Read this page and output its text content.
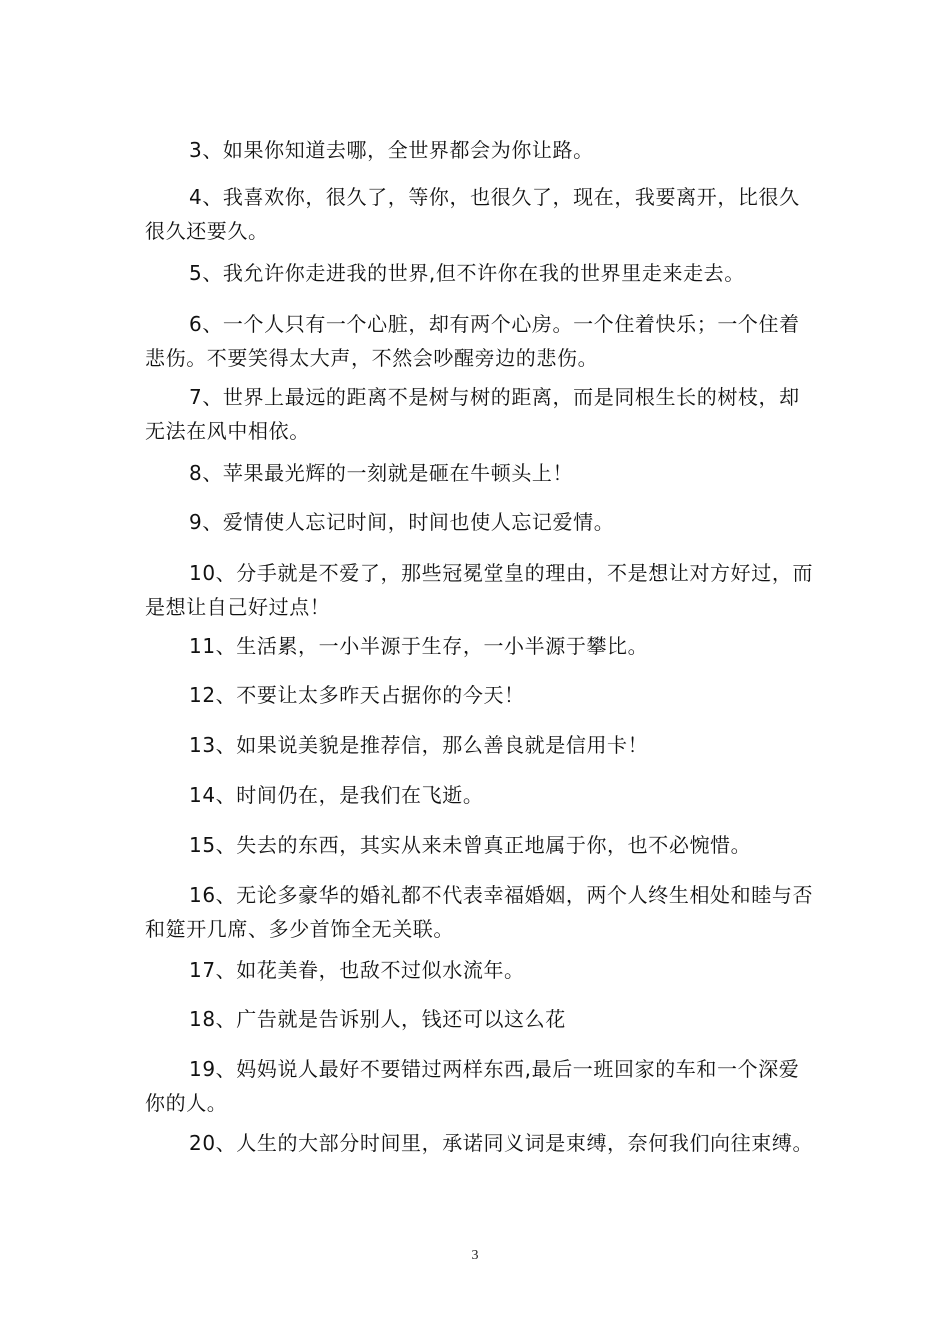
3、如果你知道去哪，全世界都会为你让路。

4、我喜欢你，很久了，等你，也很久了，现在，我要离开，比很久很久还要久。

5、我允许你走进我的世界,但不许你在我的世界里走来走去。

6、一个人只有一个心脏，却有两个心房。一个住着快乐；一个住着悲伤。不要笑得太大声，不然会吵醒旁边的悲伤。

7、世界上最远的距离不是树与树的距离，而是同根生长的树枝，却无法在风中相依。

8、苹果最光辉的一刻就是砸在牛顿头上！

9、爱情使人忘记时间，时间也使人忘记爱情。

10、分手就是不爱了，那些冠冕堂皇的理由，不是想让对方好过，而是想让自己好过点！

11、生活累，一小半源于生存，一小半源于攀比。

12、不要让太多昨天占据你的今天！

13、如果说美貌是推荐信，那么善良就是信用卡！

14、时间仍在，是我们在飞逝。

15、失去的东西，其实从来未曾真正地属于你，也不必惋惜。

16、无论多豪华的婚礼都不代表幸福婚姻，两个人终生相处和睦与否和筵开几席、多少首饰全无关联。

17、如花美眷，也敌不过似水流年。

18、广告就是告诉别人，钱还可以这么花

19、妈妈说人最好不要错过两样东西,最后一班回家的车和一个深爱你的人。

20、人生的大部分时间里，承诺同义词是束缚，奈何我们向往束缚。

3
